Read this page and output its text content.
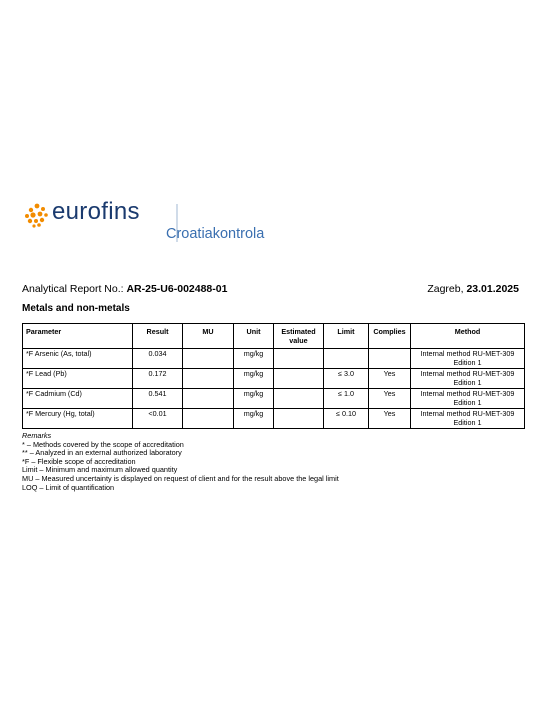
eurofins
Croatiakontrola
Analytical Report No.: AR-25-U6-002488-01	Zagreb, 23.01.2025
Metals and non-metals
Parameter	Result	MU	Unit	Estimated value	Limit	Complies	Method
*F Arsenic (As, total)	0.034		mg/kg				Internal method RU-MET-309
Edition 1

*F Lead (Pb)	0.172		mg/kg		≤ 3.0	Yes	Internal method RU-MET-309
Edition 1

*F Cadmium (Cd)	0.541		mg/kg		≤ 1.0	Yes	Internal method RU-MET-309
Edition 1

*F Mercury (Hg, total)	<0.01		mg/kg		≤ 0.10	Yes	Internal method RU-MET-309
Edition 1
Remarks
* – Methods covered by the scope of accreditation
** – Analyzed in an external authorized laboratory
*F – Flexible scope of accreditation
Limit – Minimum and maximum allowed quantity
MU – Measured uncertainty is displayed on request of client and for the result above the legal limit
LOQ – Limit of quantification
